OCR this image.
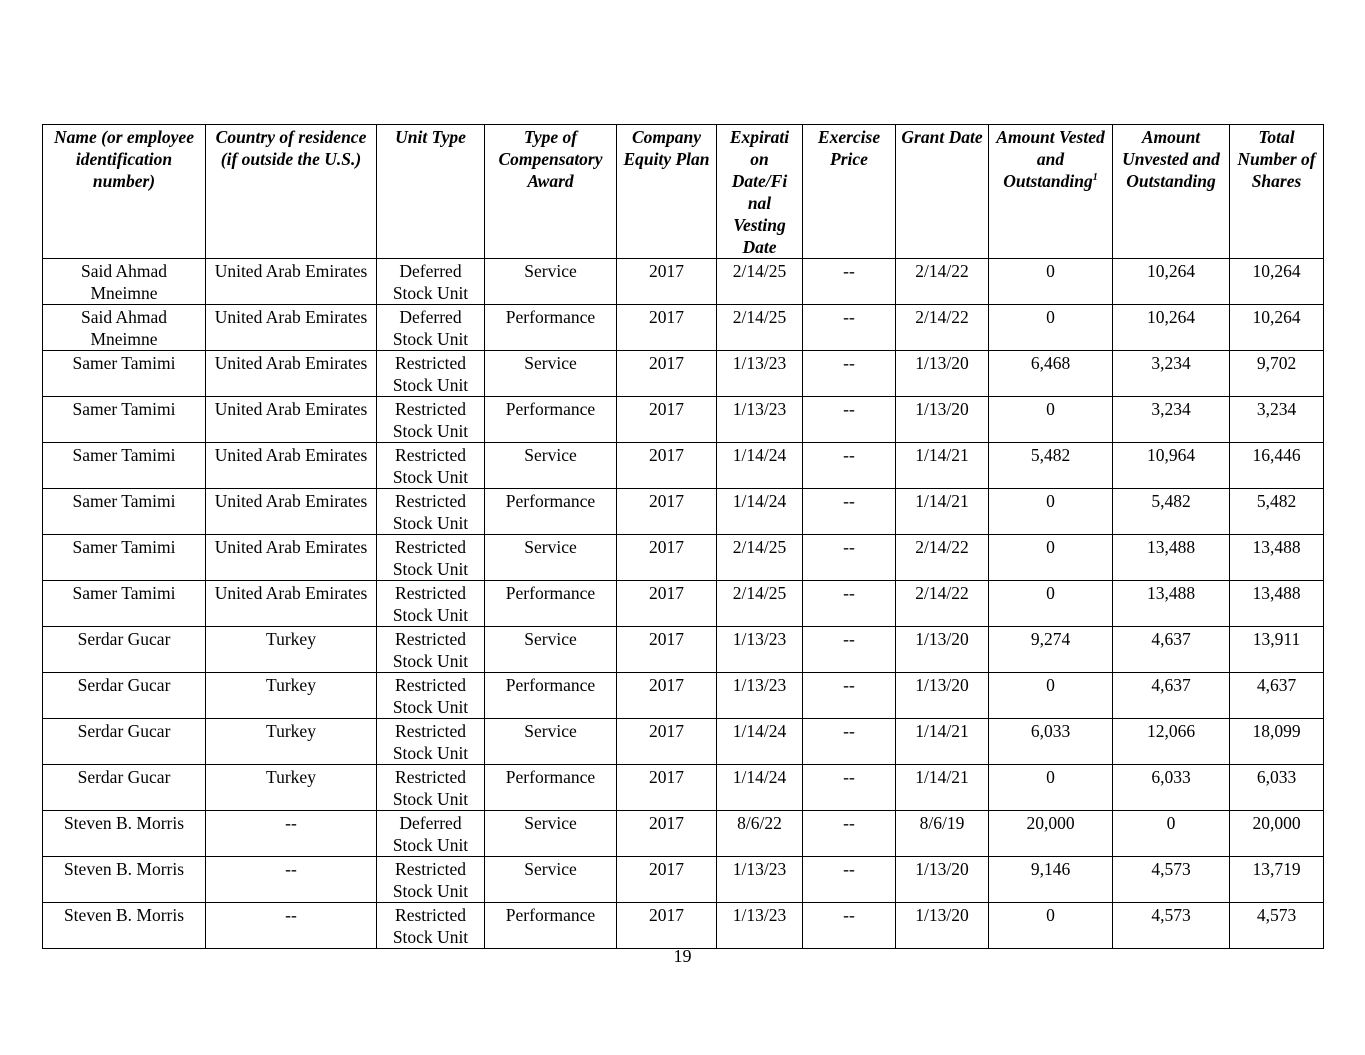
Name (or employee identification number)	Country of residence (if outside the U.S.)	Unit Type	Type of Compensatory Award	Company Equity Plan	Expirati on Date/Fi nal Vesting Date	Exercise Price	Grant Date	Amount Vested and Outstanding$^1$	Amount Unvested and Outstanding	Total Number of Shares
Said Ahmad Mneimne	United Arab Emirates	Deferred Stock Unit	Service	2017	2/14/25	--	2/14/22	0	10,264	10,264
Said Ahmad Mneimne	United Arab Emirates	Deferred Stock Unit	Performance	2017	2/14/25	--	2/14/22	0	10,264	10,264
Samer Tamimi	United Arab Emirates	Restricted Stock Unit	Service	2017	1/13/23	--	1/13/20	6,468	3,234	9,702
Samer Tamimi	United Arab Emirates	Restricted Stock Unit	Performance	2017	1/13/23	--	1/13/20	0	3,234	3,234
Samer Tamimi	United Arab Emirates	Restricted Stock Unit	Service	2017	1/14/24	--	1/14/21	5,482	10,964	16,446
Samer Tamimi	United Arab Emirates	Restricted Stock Unit	Performance	2017	1/14/24	--	1/14/21	0	5,482	5,482
Samer Tamimi	United Arab Emirates	Restricted Stock Unit	Service	2017	2/14/25	--	2/14/22	0	13,488	13,488
Samer Tamimi	United Arab Emirates	Restricted Stock Unit	Performance	2017	2/14/25	--	2/14/22	0	13,488	13,488
Serdar Gucar	Turkey	Restricted Stock Unit	Service	2017	1/13/23	--	1/13/20	9,274	4,637	13,911
Serdar Gucar	Turkey	Restricted Stock Unit	Performance	2017	1/13/23	--	1/13/20	0	4,637	4,637
Serdar Gucar	Turkey	Restricted Stock Unit	Service	2017	1/14/24	--	1/14/21	6,033	12,066	18,099
Serdar Gucar	Turkey	Restricted Stock Unit	Performance	2017	1/14/24	--	1/14/21	0	6,033	6,033
Steven B. Morris	--	Deferred Stock Unit	Service	2017	8/6/22	--	8/6/19	20,000	0	20,000
Steven B. Morris	--	Restricted Stock Unit	Service	2017	1/13/23	--	1/13/20	9,146	4,573	13,719
Steven B. Morris	--	Restricted Stock Unit	Performance	2017	1/13/23	--	1/13/20	0	4,573	4,573
19
